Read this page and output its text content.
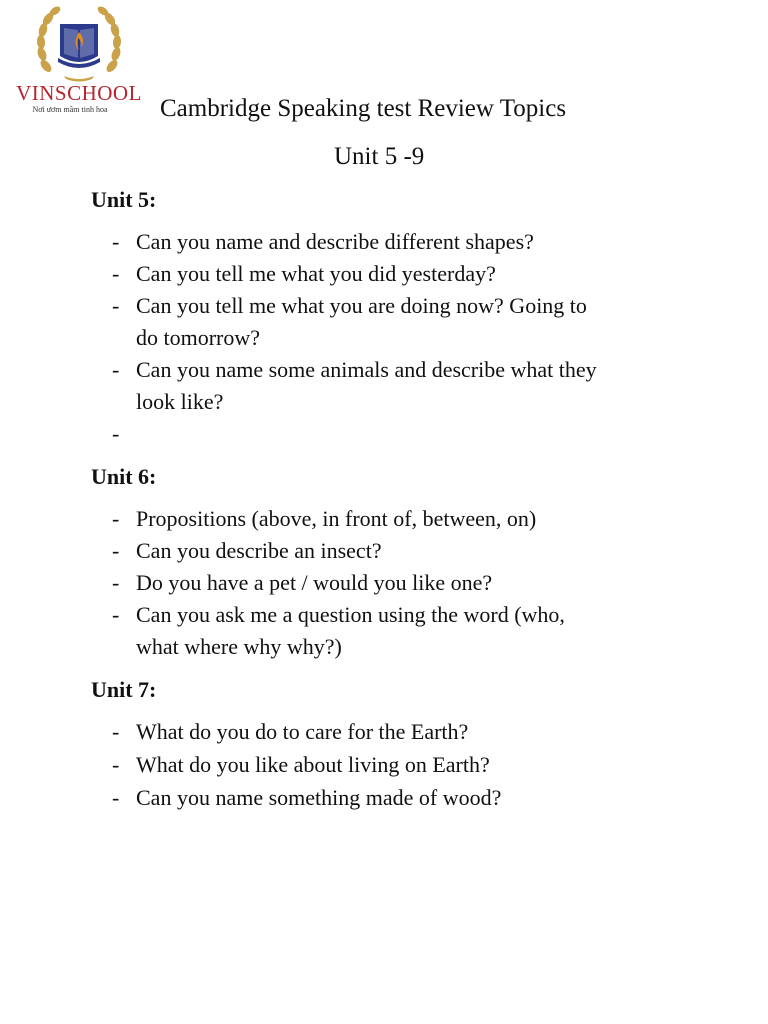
VINSCHOOL
Nơi ươm mầm tinh hoa	Cambridge Speaking test Review Topics
Unit 5 -9
Unit 5:
- Can you name and describe different shapes?
- Can you tell me what you did yesterday?
- Can you tell me what you are doing now? Going to
do tomorrow?
- Can you name some animals and describe what they
look like?
-
Unit 6:
- Propositions (above, in front of, between, on)
- Can you describe an insect?
- Do you have a pet / would you like one?
- Can you ask me a question using the word (who,
what where why why?)
Unit 7:
- What do you do to care for the Earth?
- What do you like about living on Earth?
- Can you name something made of wood?
